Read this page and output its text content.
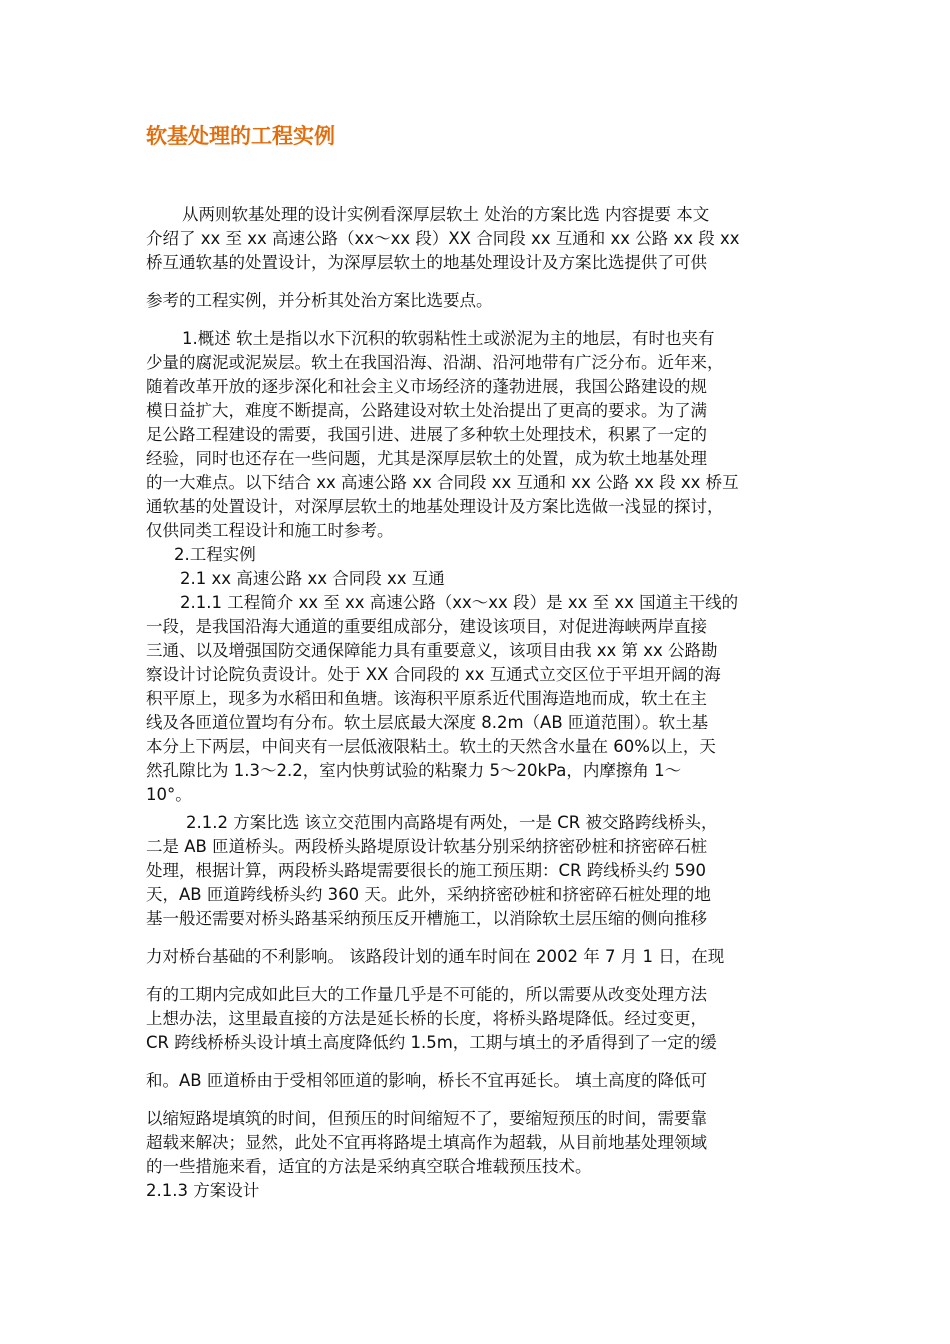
软基处理的工程实例
从两则软基处理的设计实例看深厚层软土 处治的方案比选 内容提要 本文
介绍了 xx 至 xx 高速公路（xx～xx 段）XX 合同段 xx 互通和 xx 公路 xx 段 xx
桥互通软基的处置设计，为深厚层软土的地基处理设计及方案比选提供了可供
参考的工程实例，并分析其处治方案比选要点。
1.概述 软土是指以水下沉积的软弱粘性土或淤泥为主的地层，有时也夹有
少量的腐泥或泥炭层。软土在我国沿海、沿湖、沿河地带有广泛分布。近年来，
随着改革开放的逐步深化和社会主义市场经济的蓬勃进展，我国公路建设的规
模日益扩大，难度不断提高，公路建设对软土处治提出了更高的要求。为了满
足公路工程建设的需要，我国引进、进展了多种软土处理技术，积累了一定的
经验，同时也还存在一些问题，尤其是深厚层软土的处置，成为软土地基处理
的一大难点。以下结合 xx 高速公路 xx 合同段 xx 互通和 xx 公路 xx 段 xx 桥互
通软基的处置设计，对深厚层软土的地基处理设计及方案比选做一浅显的探讨，
仅供同类工程设计和施工时参考。
2.工程实例
2.1 xx 高速公路 xx 合同段 xx 互通
2.1.1 工程简介 xx 至 xx 高速公路（xx～xx 段）是 xx 至 xx 国道主干线的
一段，是我国沿海大通道的重要组成部分，建设该项目，对促进海峡两岸直接
三通、以及增强国防交通保障能力具有重要意义，该项目由我 xx 第 xx 公路勘
察设计讨论院负责设计。处于 XX 合同段的 xx 互通式立交区位于平坦开阔的海
积平原上，现多为水稻田和鱼塘。该海积平原系近代围海造地而成，软土在主
线及各匝道位置均有分布。软土层底最大深度 8.2m（AB 匝道范围）。软土基
本分上下两层，中间夹有一层低液限粘土。软土的天然含水量在 60%以上，天
然孔隙比为 1.3～2.2，室内快剪试验的粘聚力 5～20kPa，内摩擦角 1～
10°。
2.1.2 方案比选 该立交范围内高路堤有两处，一是 CR 被交路跨线桥头，
二是 AB 匝道桥头。两段桥头路堤原设计软基分别采纳挤密砂桩和挤密碎石桩
处理，根据计算，两段桥头路堤需要很长的施工预压期：CR 跨线桥头约 590
天，AB 匝道跨线桥头约 360 天。此外，采纳挤密砂桩和挤密碎石桩处理的地
基一般还需要对桥头路基采纳预压反开槽施工，以消除软土层压缩的侧向推移
力对桥台基础的不利影响。 该路段计划的通车时间在 2002 年 7 月 1 日，在现
有的工期内完成如此巨大的工作量几乎是不可能的，所以需要从改变处理方法
上想办法，这里最直接的方法是延长桥的长度，将桥头路堤降低。经过变更，
CR 跨线桥桥头设计填土高度降低约 1.5m，工期与填土的矛盾得到了一定的缓
和。AB 匝道桥由于受相邻匝道的影响，桥长不宜再延长。 填土高度的降低可
以缩短路堤填筑的时间，但预压的时间缩短不了，要缩短预压的时间，需要靠
超载来解决；显然，此处不宜再将路堤土填高作为超载，从目前地基处理领域
的一些措施来看，适宜的方法是采纳真空联合堆载预压技术。
2.1.3 方案设计
